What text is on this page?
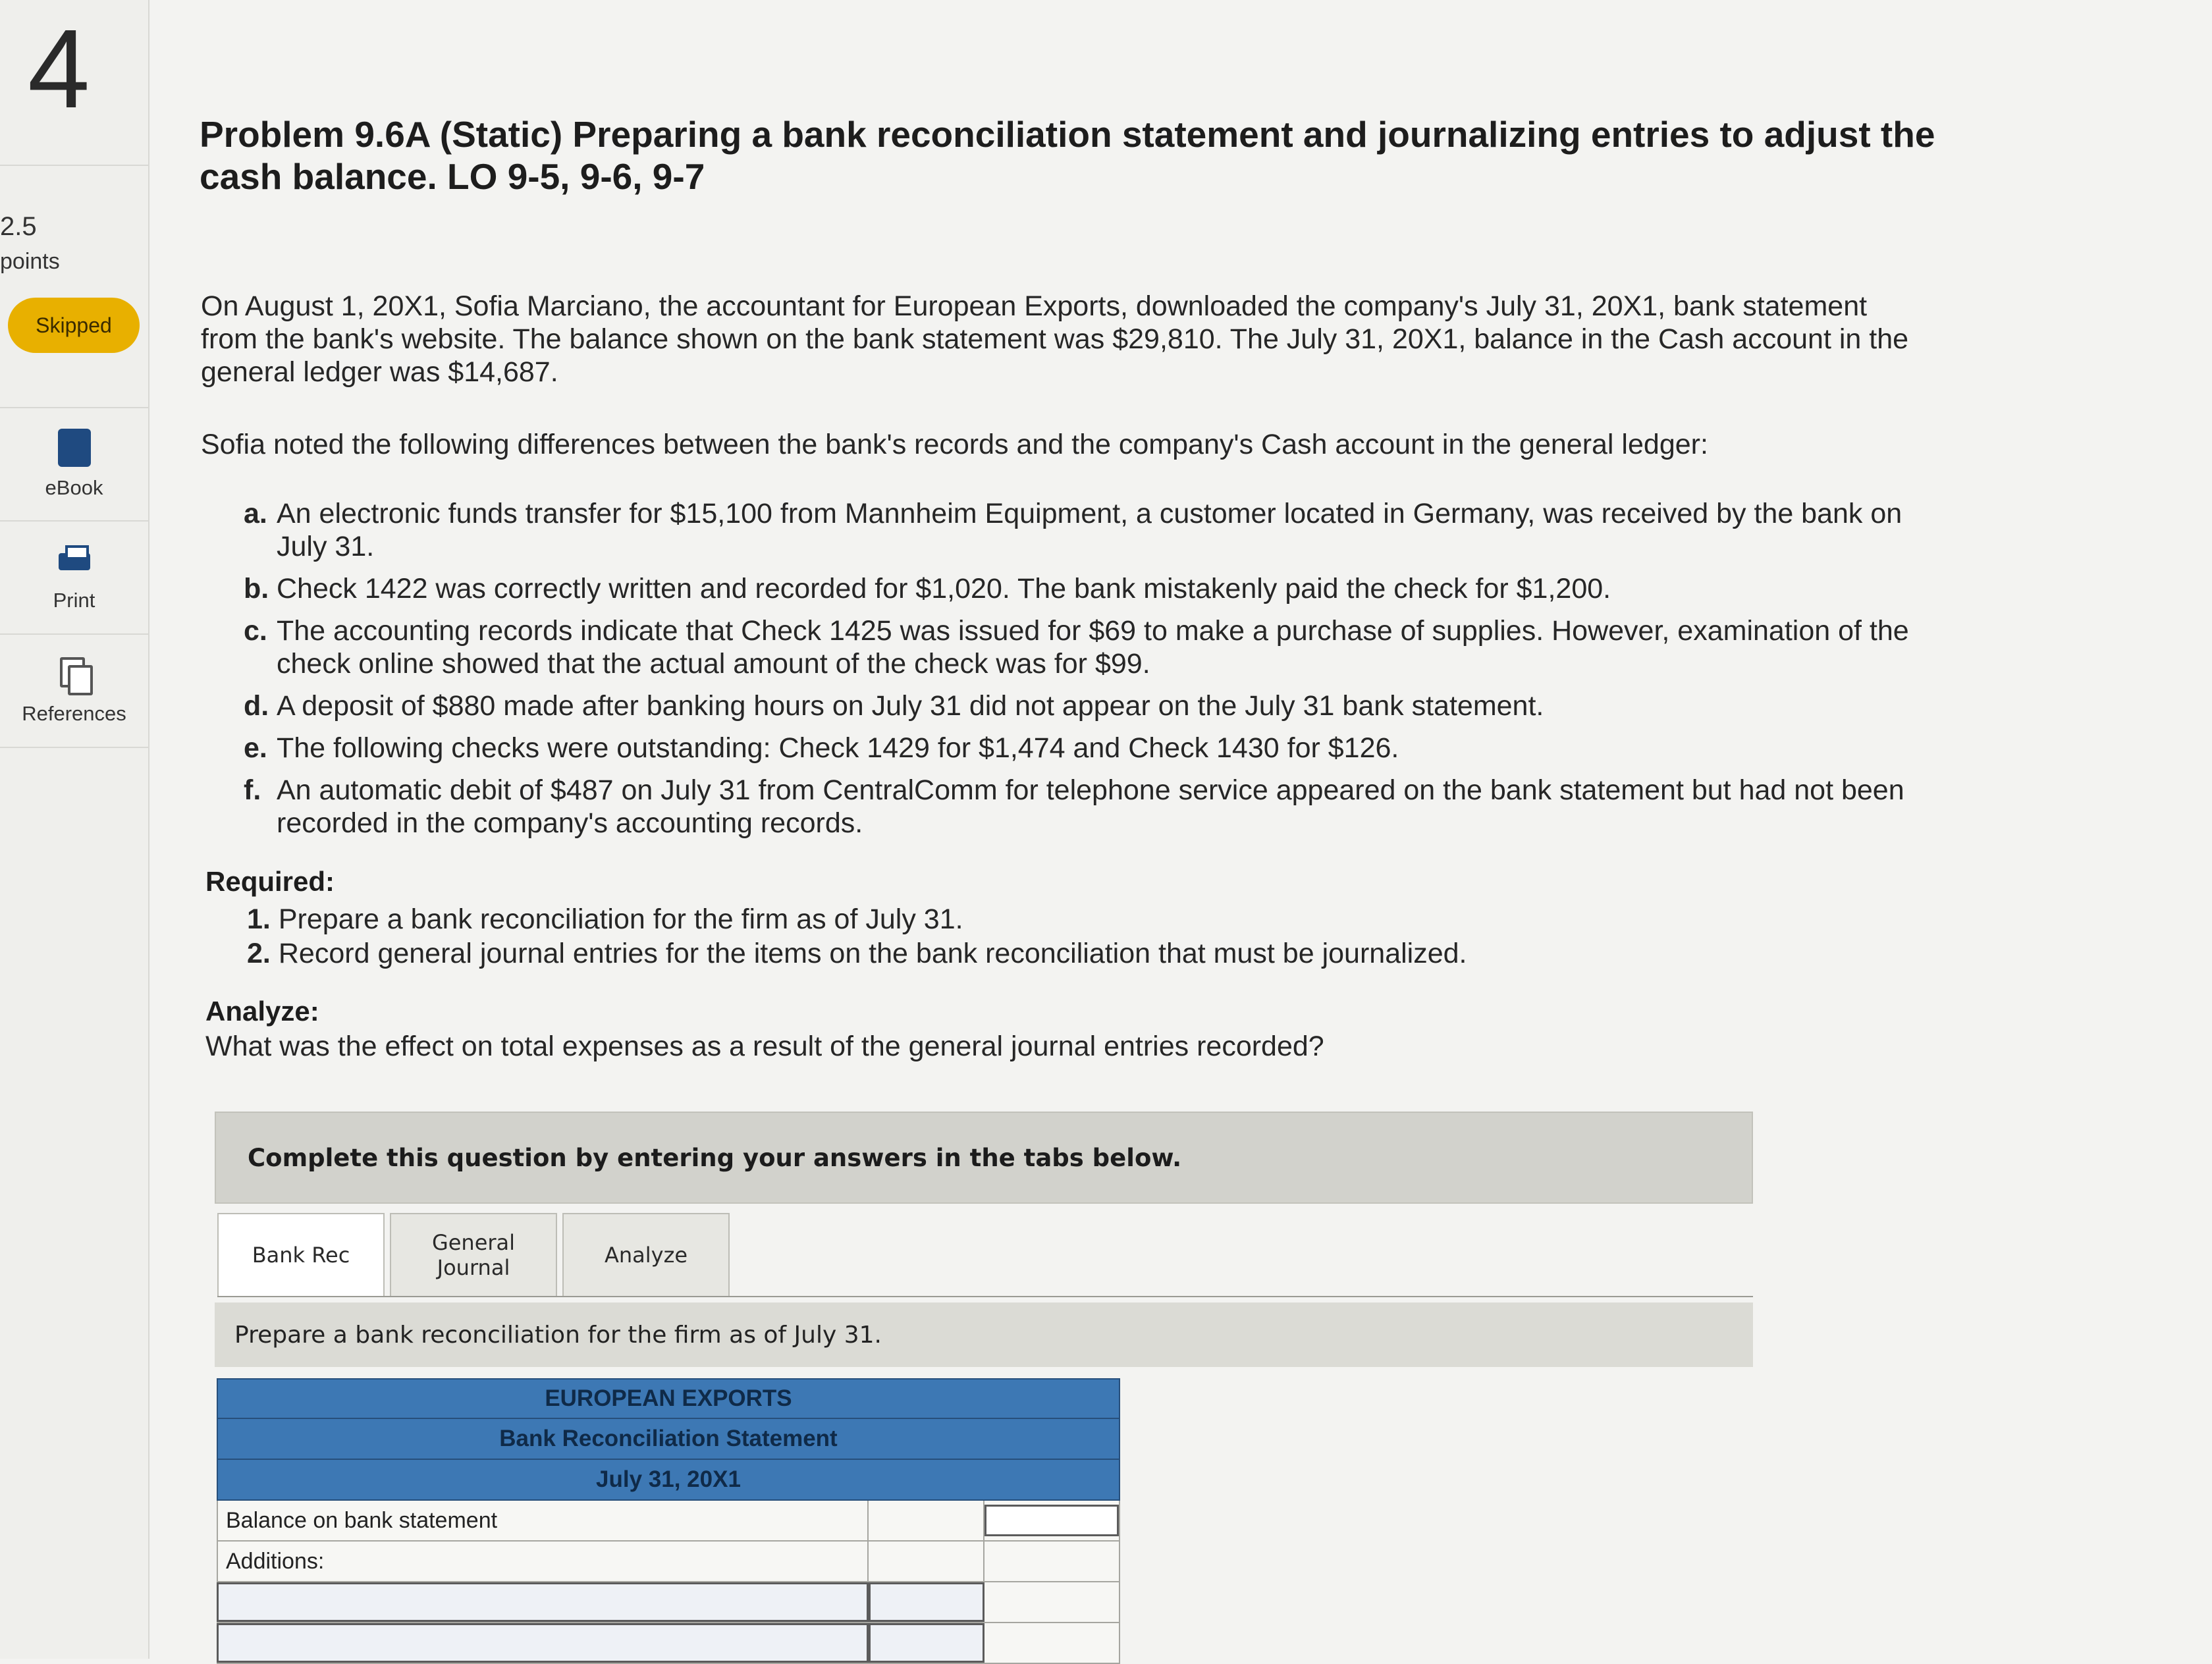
4
2.5
points
Skipped
eBook
Print
References
Problem 9.6A (Static) Preparing a bank reconciliation statement and journalizing entries to adjust the cash balance. LO 9-5, 9-6, 9-7
On August 1, 20X1, Sofia Marciano, the accountant for European Exports, downloaded the company's July 31, 20X1, bank statement from the bank's website. The balance shown on the bank statement was $29,810. The July 31, 20X1, balance in the Cash account in the general ledger was $14,687.
Sofia noted the following differences between the bank's records and the company's Cash account in the general ledger:
a. An electronic funds transfer for $15,100 from Mannheim Equipment, a customer located in Germany, was received by the bank on July 31.
b. Check 1422 was correctly written and recorded for $1,020. The bank mistakenly paid the check for $1,200.
c. The accounting records indicate that Check 1425 was issued for $69 to make a purchase of supplies. However, examination of the check online showed that the actual amount of the check was for $99.
d. A deposit of $880 made after banking hours on July 31 did not appear on the July 31 bank statement.
e. The following checks were outstanding: Check 1429 for $1,474 and Check 1430 for $126.
f. An automatic debit of $487 on July 31 from CentralComm for telephone service appeared on the bank statement but had not been recorded in the company's accounting records.
Required:
1. Prepare a bank reconciliation for the firm as of July 31.
2. Record general journal entries for the items on the bank reconciliation that must be journalized.
Analyze:
What was the effect on total expenses as a result of the general journal entries recorded?
Complete this question by entering your answers in the tabs below.
Bank Rec	General Journal	Analyze
Prepare a bank reconciliation for the firm as of July 31.
EUROPEAN EXPORTS
Bank Reconciliation Statement
July 31, 20X1
Balance on bank statement
Additions:
